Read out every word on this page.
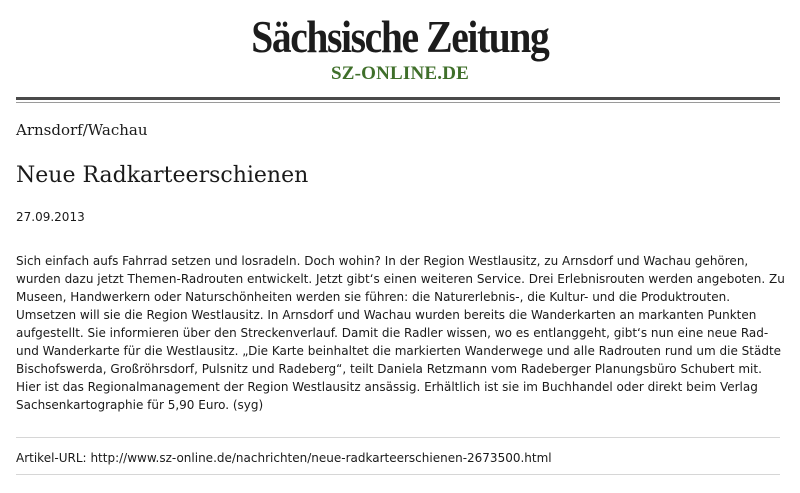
Sächsische Zeitung
SZ-ONLINE.DE
Arnsdorf/Wachau
Neue Radkarteerschienen
27.09.2013

Sich einfach aufs Fahrrad setzen und losradeln. Doch wohin? In der Region Westlausitz, zu Arnsdorf und Wachau gehören, wurden dazu jetzt Themen-Radrouten entwickelt. Jetzt gibt‘s einen weiteren Service. Drei Erlebnisrouten werden angeboten. Zu Museen, Handwerkern oder Naturschönheiten werden sie führen: die Naturerlebnis-, die Kultur- und die Produktrouten. Umsetzen will sie die Region Westlausitz. In Arnsdorf und Wachau wurden bereits die Wanderkarten an markanten Punkten aufgestellt. Sie informieren über den Streckenverlauf. Damit die Radler wissen, wo es entlanggeht, gibt‘s nun eine neue Rad- und Wanderkarte für die Westlausitz. „Die Karte beinhaltet die markierten Wanderwege und alle Radrouten rund um die Städte Bischofswerda, Großröhrsdorf, Pulsnitz und Radeberg“, teilt Daniela Retzmann vom Radeberger Planungsbüro Schubert mit. Hier ist das Regionalmanagement der Region Westlausitz ansässig. Erhältlich ist sie im Buchhandel oder direkt beim Verlag Sachsenkartographie für 5,90 Euro. (syg)

Artikel-URL: http://www.sz-online.de/nachrichten/neue-radkarteerschienen-2673500.html
